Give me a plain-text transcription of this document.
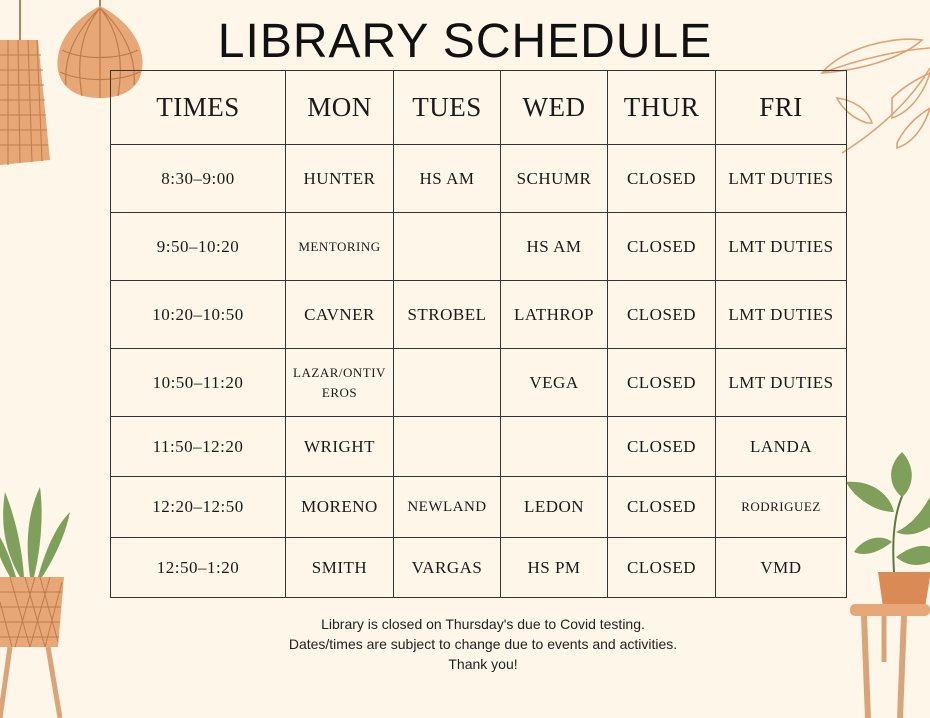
LIBRARY SCHEDULE
TIMES	MON	TUES	WED	THUR	FRI
8:30–9:00	HUNTER	HS AM	SCHUMR	CLOSED	LMT DUTIES
9:50–10:20	MENTORING		HS AM	CLOSED	LMT DUTIES
10:20–10:50	CAVNER	STROBEL	LATHROP	CLOSED	LMT DUTIES
10:50–11:20	LAZAR/ONTIVEROS		VEGA	CLOSED	LMT DUTIES
11:50–12:20	WRIGHT			CLOSED	LANDA
12:20–12:50	MORENO	NEWLAND	LEDON	CLOSED	RODRIGUEZ
12:50–1:20	SMITH	VARGAS	HS PM	CLOSED	VMD
Library is closed on Thursday's due to Covid testing.
Dates/times are subject to change due to events and activities.
Thank you!
